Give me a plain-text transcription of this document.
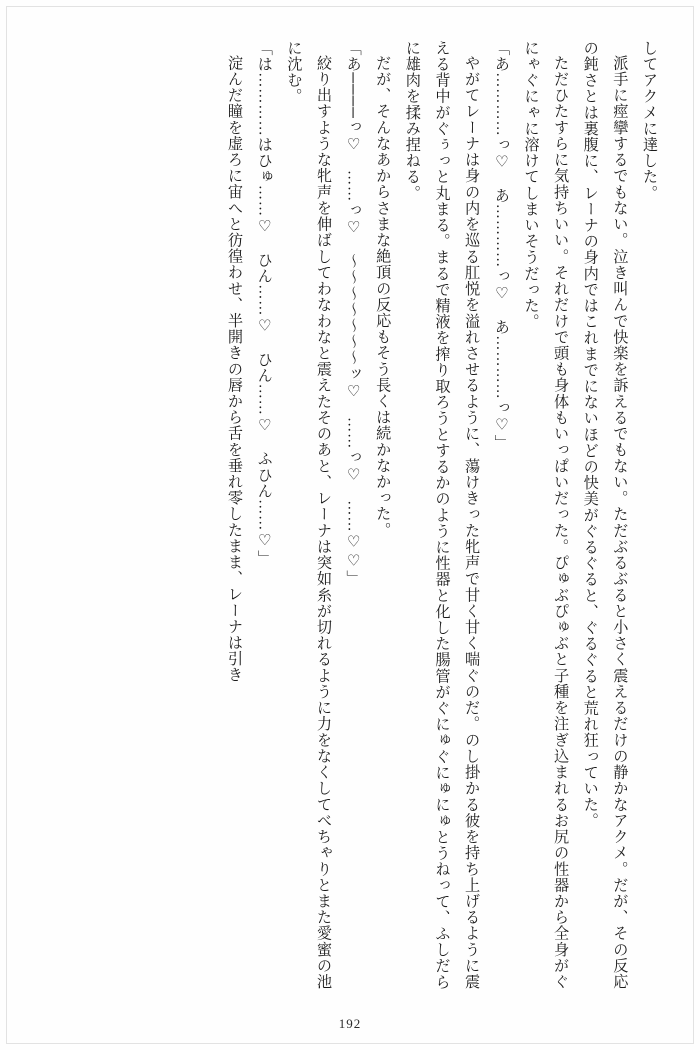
してアクメに達した。

派手に痙攣するでもない。泣き叫んで快楽を訴えるでもない。ただぶるぶると小さく震えるだけの静かなアクメ。だが、その反応の鈍さとは裏腹に、レーナの身内ではこれまでにないほどの快美がぐるぐると、ぐるぐると荒れ狂っていた。

ただひたすらに気持ちいい。それだけで頭も身体もいっぱいだった。ぴゅぶぴゅぶと子種を注ぎ込まれるお尻の性器から全身がぐにゃぐにゃに溶けてしまいそうだった。

「あ…………っ♡　あ…………っ♡　あ…………っ♡」

やがてレーナは身の内を巡る肛悦を溢れさせるように、蕩けきった牝声で甘く甘く喘ぐのだ。のし掛かる彼を持ち上げるように震える背中がぐぅっと丸まる。まるで精液を搾り取ろうとするかのように性器と化した腸管がぐにゅぐにゅにゅとうねって、ふしだらに雄肉を揉み捏ねる。

だが、そんなあからさまな絶頂の反応もそう長くは続かなかった。

「あ────っ♡　……っ♡　〜〜〜〜〜〜〜ッ♡　……っ♡　……♡♡」

絞り出すような牝声を伸ばしてわなわなと震えたそのあと、レーナは突如糸が切れるように力をなくしてべちゃりとまた愛蜜の池に沈む。

「は…………はひゅ……♡　ひん……♡　ひん……♡　ふひん……♡」

淀んだ瞳を虚ろに宙へと彷徨わせ、半開きの唇から舌を垂れ零したまま、レーナは引き

192
